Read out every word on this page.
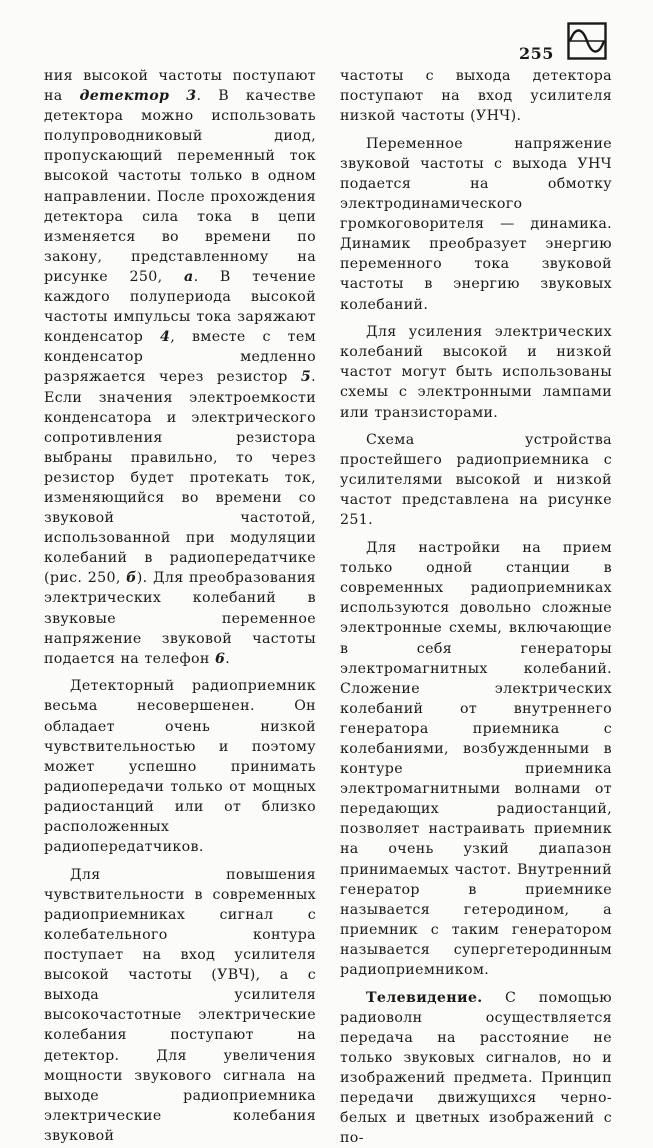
255

ния высокой частоты поступают на детектор 3. В качестве детектора можно использовать полупроводниковый диод, пропускающий переменный ток высокой частоты только в одном направлении. После прохождения детектора сила тока в цепи изменяется во времени по закону, представленному на рисунке 250, а. В течение каждого полупериода высокой частоты импульсы тока заряжают конденсатор 4, вместе с тем конденсатор медленно разряжается через резистор 5. Если значения электроемкости конденсатора и электрического сопротивления резистора выбраны правильно, то через резистор будет протекать ток, изменяющийся во времени со звуковой частотой, использованной при модуляции колебаний в радиопередатчике (рис. 250, б). Для преобразования электрических колебаний в звуковые переменное напряжение звуковой частоты подается на телефон 6.

Детекторный радиоприемник весьма несовершенен. Он обладает очень низкой чувствительностью и поэтому может успешно принимать радиопередачи только от мощных радиостанций или от близко расположенных радиопередатчиков.

Для повышения чувствительности в современных радиоприемниках сигнал с колебательного контура поступает на вход усилителя высокой частоты (УВЧ), а с выхода усилителя высокочастотные электрические колебания поступают на детектор. Для увеличения мощности звукового сигнала на выходе радиоприемника электрические колебания звуковой

частоты с выхода детектора поступают на вход усилителя низкой частоты (УНЧ).

Переменное напряжение звуковой частоты с выхода УНЧ подается на обмотку электродинамического громкоговорителя — динамика. Динамик преобразует энергию переменного тока звуковой частоты в энергию звуковых колебаний.

Для усиления электрических колебаний высокой и низкой частот могут быть использованы схемы с электронными лампами или транзисторами.

Схема устройства простейшего радиоприемника с усилителями высокой и низкой частот представлена на рисунке 251.

Для настройки на прием только одной станции в современных радиоприемниках используются довольно сложные электронные схемы, включающие в себя генераторы электромагнитных колебаний. Сложение электрических колебаний от внутреннего генератора приемника с колебаниями, возбужденными в контуре приемника электромагнитными волнами от передающих радиостанций, позволяет настраивать приемник на очень узкий диапазон принимаемых частот. Внутренний генератор в приемнике называется гетеродином, а приемник с таким генератором называется супергетеродинным радиоприемником.

Телевидение. С помощью радиоволн осуществляется передача на расстояние не только звуковых сигналов, но и изображений предмета. Принцип передачи движущихся черно-белых и цветных изображений с по-
